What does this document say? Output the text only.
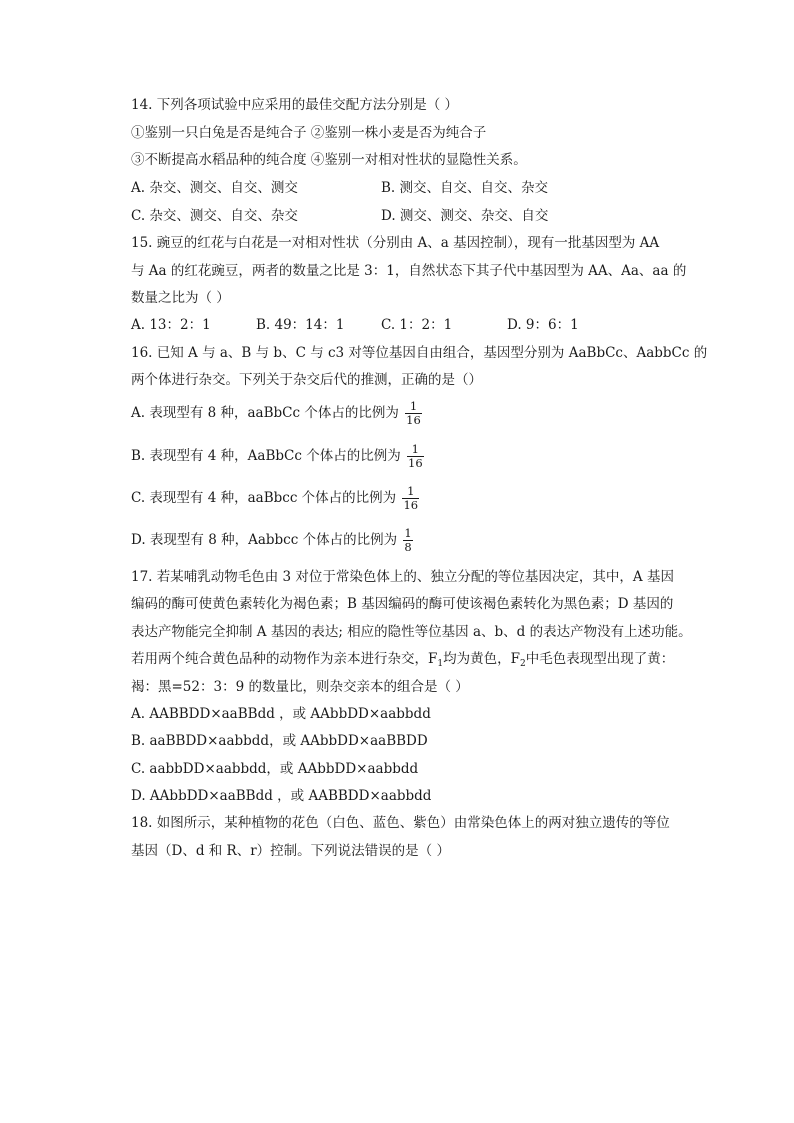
14. 下列各项试验中应采用的最佳交配方法分别是（ ）
①鉴别一只白兔是否是纯合子 ②鉴别一株小麦是否为纯合子
③不断提高水稻品种的纯合度 ④鉴别一对相对性状的显隐性关系。
A. 杂交、测交、自交、测交	B. 测交、自交、自交、杂交
C. 杂交、测交、自交、杂交	D. 测交、测交、杂交、自交
15. 豌豆的红花与白花是一对相对性状（分别由 A、a 基因控制），现有一批基因型为 AA
与 Aa 的红花豌豆，两者的数量之比是 3：1，自然状态下其子代中基因型为 AA、Aa、aa 的
数量之比为（ ）
A. 13：2：1	B. 49：14：1	C. 1：2：1	D. 9：6：1
16. 已知 A 与 a、B 与 b、C 与 c3 对等位基因自由组合，基因型分别为 AaBbCc、AabbCc 的
两个体进行杂交。下列关于杂交后代的推测，正确的是（）
A. 表现型有 8 种，aaBbCc 个体占的比例为 $\frac{1}{16}$
B. 表现型有 4 种，AaBbCc 个体占的比例为 $\frac{1}{16}$
C. 表现型有 4 种，aaBbcc 个体占的比例为 $\frac{1}{16}$
D. 表现型有 8 种，Aabbcc 个体占的比例为 $\frac{1}{8}$
17. 若某哺乳动物毛色由 3 对位于常染色体上的、独立分配的等位基因决定，其中，A 基因
编码的酶可使黄色素转化为褐色素；B 基因编码的酶可使该褐色素转化为黑色素；D 基因的
表达产物能完全抑制 A 基因的表达; 相应的隐性等位基因 a、b、d 的表达产物没有上述功能。
若用两个纯合黄色品种的动物作为亲本进行杂交，$F_1$均为黄色，$F_2$中毛色表现型出现了黄：
褐：黑=52：3：9 的数量比，则杂交亲本的组合是（ ）
A. AABBDD×aaBBdd ，或 AAbbDD×aabbdd
B. aaBBDD×aabbdd，或 AAbbDD×aaBBDD
C. aabbDD×aabbdd，或 AAbbDD×aabbdd
D. AAbbDD×aaBBdd ，或 AABBDD×aabbdd
18. 如图所示，某种植物的花色（白色、蓝色、紫色）由常染色体上的两对独立遗传的等位
基因（D、d 和 R、r）控制。下列说法错误的是（ ）
